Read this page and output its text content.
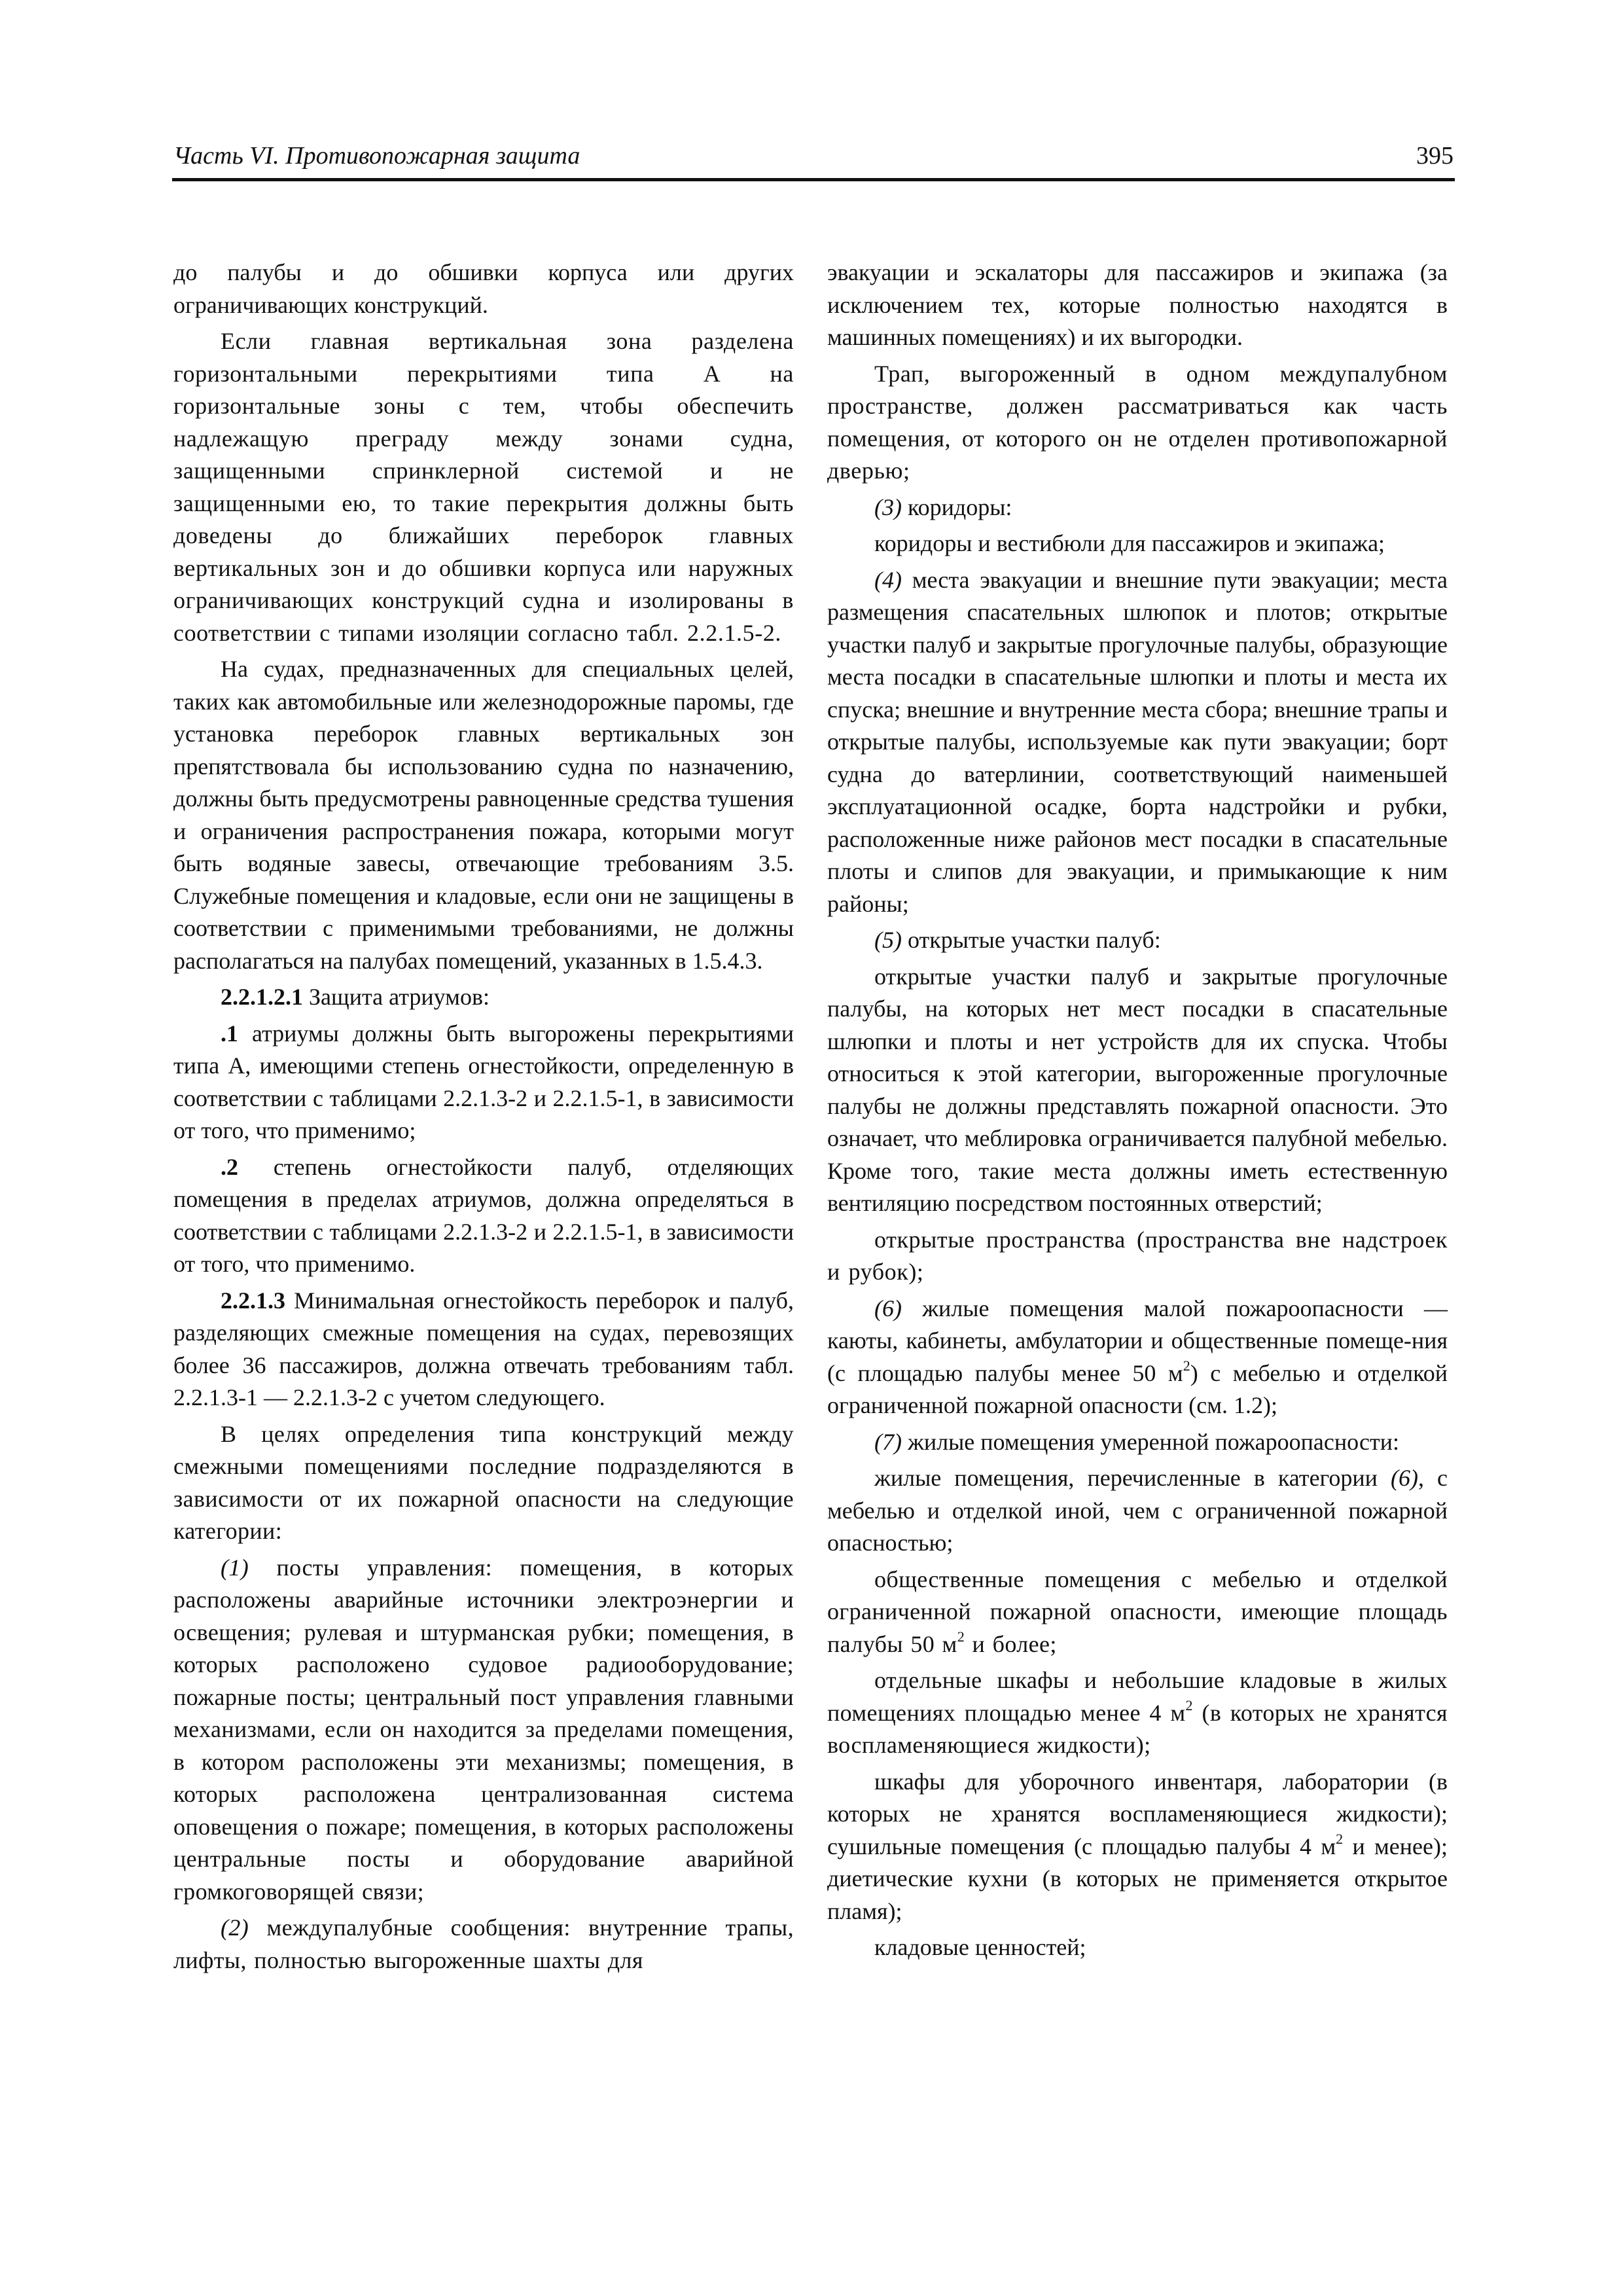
Часть VI. Противопожарная защита	395

до палубы и до обшивки корпуса или других ограничивающих конструкций.

Если главная вертикальная зона разделена горизонтальными перекрытиями типа А на горизонтальные зоны с тем, чтобы обеспечить надлежащую преграду между зонами судна, защищенными спринклерной системой и не защищенными ею, то такие перекрытия должны быть доведены до ближайших переборок главных вертикальных зон и до обшивки корпуса или наружных ограничивающих конструкций судна и изолированы в соответствии с типами изоляции согласно табл. 2.2.1.5-2.

На судах, предназначенных для специальных целей, таких как автомобильные или железнодорожные паромы, где установка переборок главных вертикальных зон препятствовала бы использованию судна по назначению, должны быть предусмотрены равноценные средства тушения и ограничения распространения пожара, которыми могут быть водяные завесы, отвечающие требованиям 3.5. Служебные помещения и кладовые, если они не защищены в соответствии с применимыми требованиями, не должны располагаться на палубах помещений, указанных в 1.5.4.3.

2.2.1.2.1 Защита атриумов:

.1 атриумы должны быть выгорожены перекрытиями типа А, имеющими степень огнестойкости, определенную в соответствии с таблицами 2.2.1.3-2 и 2.2.1.5-1, в зависимости от того, что применимо;

.2 степень огнестойкости палуб, отделяющих помещения в пределах атриумов, должна определяться в соответствии с таблицами 2.2.1.3-2 и 2.2.1.5-1, в зависимости от того, что применимо.

2.2.1.3 Минимальная огнестойкость переборок и палуб, разделяющих смежные помещения на судах, перевозящих более 36 пассажиров, должна отвечать требованиям табл. 2.2.1.3-1 — 2.2.1.3-2 с учетом следующего.

В целях определения типа конструкций между смежными помещениями последние подразделяются в зависимости от их пожарной опасности на следующие категории:

(1) посты управления: помещения, в которых расположены аварийные источники электроэнергии и освещения; рулевая и штурманская рубки; помещения, в которых расположено судовое радиооборудование; пожарные посты; центральный пост управления главными механизмами, если он находится за пределами помещения, в котором расположены эти механизмы; помещения, в которых расположена централизованная система оповещения о пожаре; помещения, в которых расположены центральные посты и оборудование аварийной громкоговорящей связи;

(2) междупалубные сообщения: внутренние трапы, лифты, полностью выгороженные шахты для

эвакуации и эскалаторы для пассажиров и экипажа (за исключением тех, которые полностью находятся в машинных помещениях) и их выгородки.

Трап, выгороженный в одном междупалубном пространстве, должен рассматриваться как часть помещения, от которого он не отделен противопожарной дверью;

(3) коридоры:

коридоры и вестибюли для пассажиров и экипажа;

(4) места эвакуации и внешние пути эвакуации; места размещения спасательных шлюпок и плотов; открытые участки палуб и закрытые прогулочные палубы, образующие места посадки в спасательные шлюпки и плоты и места их спуска; внешние и внутренние места сбора; внешние трапы и открытые палубы, используемые как пути эвакуации; борт судна до ватерлинии, соответствующий наименьшей эксплуатационной осадке, борта надстройки и рубки, расположенные ниже районов мест посадки в спасательные плоты и слипов для эвакуации, и примыкающие к ним районы;

(5) открытые участки палуб:

открытые участки палуб и закрытые прогулочные палубы, на которых нет мест посадки в спасательные шлюпки и плоты и нет устройств для их спуска. Чтобы относиться к этой категории, выгороженные прогулочные палубы не должны представлять пожарной опасности. Это означает, что меблировка ограничивается палубной мебелью. Кроме того, такие места должны иметь естественную вентиляцию посредством постоянных отверстий;

открытые пространства (пространства вне надстроек и рубок);

(6) жилые помещения малой пожароопасности — каюты, кабинеты, амбулатории и общественные помеще-ния (с площадью палубы менее 50 $м^2$) с мебелью и отделкой ограниченной пожарной опасности (см. 1.2);

(7) жилые помещения умеренной пожароопасности:

жилые помещения, перечисленные в категории (6), с мебелью и отделкой иной, чем с ограниченной пожарной опасностью;

общественные помещения с мебелью и отделкой ограниченной пожарной опасности, имеющие площадь палубы 50 $м^2$ и более;

отдельные шкафы и небольшие кладовые в жилых помещениях площадью менее 4 $м^2$ (в которых не хранятся воспламеняющиеся жидкости);

шкафы для уборочного инвентаря, лаборатории (в которых не хранятся воспламеняющиеся жидкости); сушильные помещения (с площадью палубы 4 $м^2$ и менее); диетические кухни (в которых не применяется открытое пламя);

кладовые ценностей;
